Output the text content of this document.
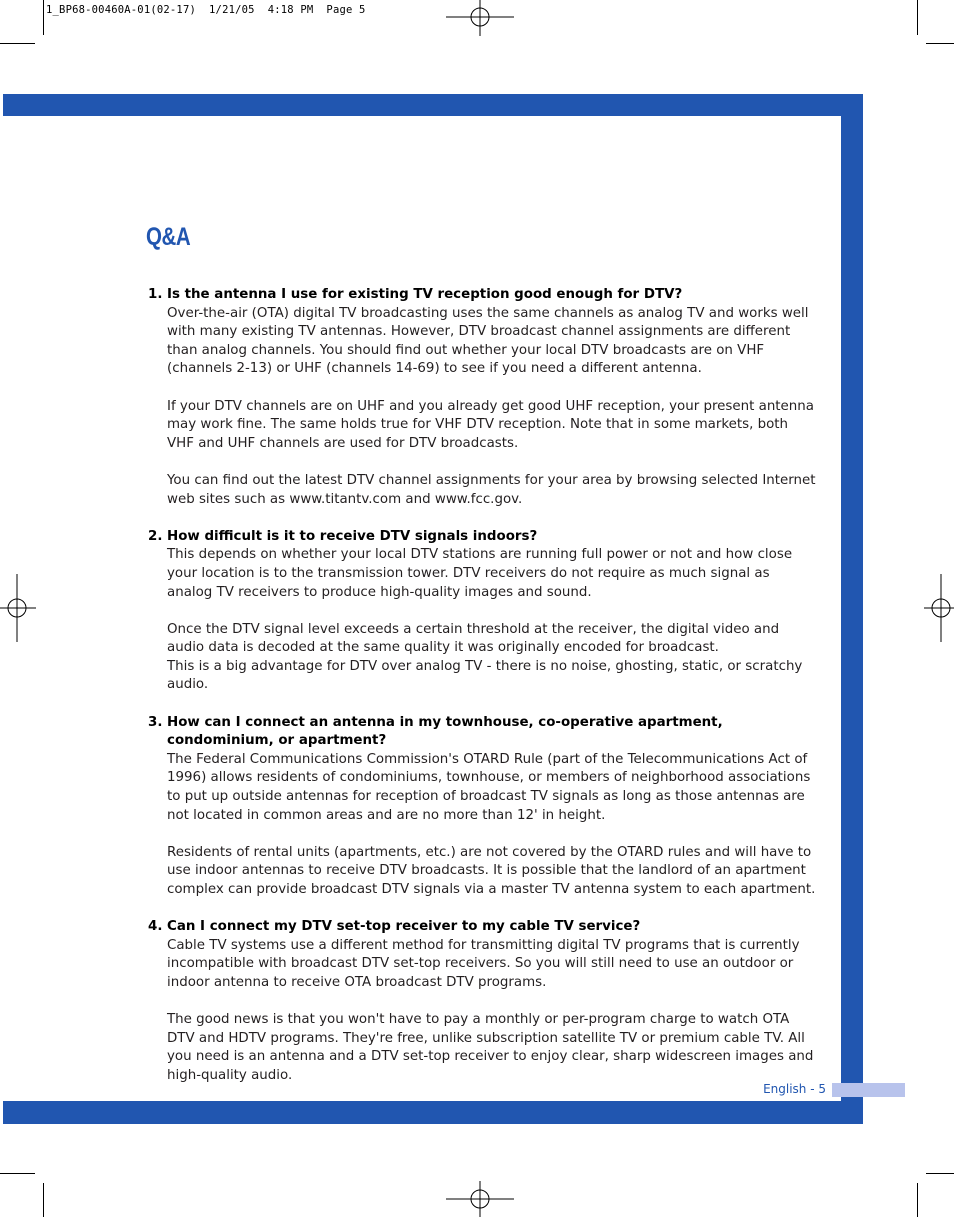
1_BP68-00460A-01(02-17)  1/21/05  4:18 PM  Page 5
Q&A
1. Is the antenna I use for existing TV reception good enough for DTV?

Over-the-air (OTA) digital TV broadcasting uses the same channels as analog TV and works well with many existing TV antennas. However, DTV broadcast channel assignments are different than analog channels. You should find out whether your local DTV broadcasts are on VHF (channels 2-13) or UHF (channels 14-69) to see if you need a different antenna.

If your DTV channels are on UHF and you already get good UHF reception, your present antenna may work fine. The same holds true for VHF DTV reception. Note that in some markets, both VHF and UHF channels are used for DTV broadcasts.

You can find out the latest DTV channel assignments for your area by browsing selected Internet web sites such as www.titantv.com and www.fcc.gov.

2. How difficult is it to receive DTV signals indoors?

This depends on whether your local DTV stations are running full power or not and how close your location is to the transmission tower. DTV receivers do not require as much signal as analog TV receivers to produce high-quality images and sound.

Once the DTV signal level exceeds a certain threshold at the receiver, the digital video and audio data is decoded at the same quality it was originally encoded for broadcast.
This is a big advantage for DTV over analog TV - there is no noise, ghosting, static, or scratchy audio.

3. How can I connect an antenna in my townhouse, co-operative apartment, condominium, or apartment?

The Federal Communications Commission's OTARD Rule (part of the Telecommunications Act of 1996) allows residents of condominiums, townhouse, or members of neighborhood associations to put up outside antennas for reception of broadcast TV signals as long as those antennas are not located in common areas and are no more than 12' in height.

Residents of rental units (apartments, etc.) are not covered by the OTARD rules and will have to use indoor antennas to receive DTV broadcasts. It is possible that the landlord of an apartment complex can provide broadcast DTV signals via a master TV antenna system to each apartment.

4. Can I connect my DTV set-top receiver to my cable TV service?

Cable TV systems use a different method for transmitting digital TV programs that is currently incompatible with broadcast DTV set-top receivers. So you will still need to use an outdoor or indoor antenna to receive OTA broadcast DTV programs.

The good news is that you won't have to pay a monthly or per-program charge to watch OTA DTV and HDTV programs. They're free, unlike subscription satellite TV or premium cable TV. All you need is an antenna and a DTV set-top receiver to enjoy clear, sharp widescreen images and high-quality audio.

English - 5
